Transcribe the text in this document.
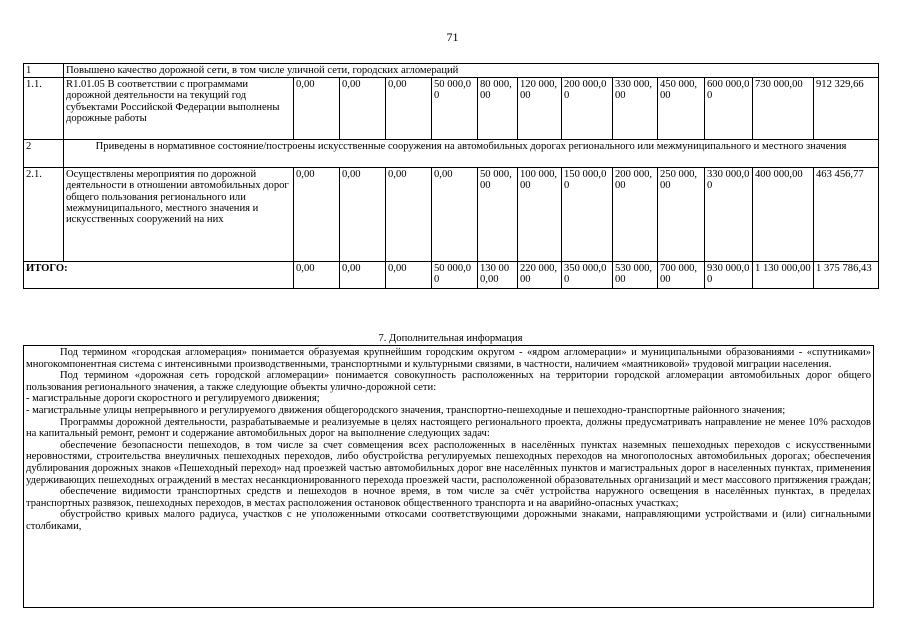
71
1	Повышено качество дорожной сети, в том числе уличной сети, городских агломераций												
1.1.	R1.01.05 В соответствии с программами дорожной деятельности на текущий год субъектами Российской Федерации выполнены дорожные работы	0,00	0,00	0,00	50 000,00	80 000,00	120 000,00	200 000,00	330 000,00	450 000,00	600 000,00	730 000,00	912 329,66
2	Приведены в нормативное состояние/построены искусственные сооружения на автомобильных дорогах регионального или межмуниципального и местного значения												
2.1.	Осуществлены мероприятия по дорожной деятельности в отношении автомобильных дорог общего пользования регионального или межмуниципального, местного значения и искусственных сооружений на них	0,00	0,00	0,00	0,00	50 000,00	100 000,00	150 000,00	200 000,00	250 000,00	330 000,00	400 000,00	463 456,77
ИТОГО:		0,00	0,00	0,00	50 000,00	130 000,00	220 000,00	350 000,00	530 000,00	700 000,00	930 000,00	1 130 000,00	1 375 786,43
7. Дополнительная информация

Под термином «городская агломерация» понимается образуемая крупнейшим городским округом - «ядром агломерации» и муниципальными образованиями - «спутниками» многокомпонентная система с интенсивными производственными, транспортными и культурными связями, в частности, наличием «маятниковой» трудовой миграции населения.

Под термином «дорожная сеть городской агломерации» понимается совокупность расположенных на территории городской агломерации автомобильных дорог общего пользования регионального значения, а также следующие объекты улично-дорожной сети:

- магистральные дороги скоростного и регулируемого движения;

- магистральные улицы непрерывного и регулируемого движения общегородского значения, транспортно-пешеходные и пешеходно-транспортные районного значения;

Программы дорожной деятельности, разрабатываемые и реализуемые в целях настоящего регионального проекта, должны предусматривать направление не менее 10% расходов на капитальный ремонт, ремонт и содержание автомобильных дорог на выполнение следующих задач:

обеспечение безопасности пешеходов, в том числе за счет совмещения всех расположенных в населённых пунктах наземных пешеходных переходов с искусственными неровностями, строительства внеуличных пешеходных переходов, либо обустройства регулируемых пешеходных переходов на многополосных автомобильных дорогах; обеспечения дублирования дорожных знаков «Пешеходный переход» над проезжей частью автомобильных дорог вне населённых пунктов и магистральных дорог в населенных пунктах, применения удерживающих пешеходных ограждений в местах несанкционированного перехода проезжей части, расположенной образовательных организаций и мест массового притяжения граждан;

обеспечение видимости транспортных средств и пешеходов в ночное время, в том числе за счёт устройства наружного освещения в населённых пунктах, в пределах транспортных развязок, пешеходных переходов, в местах расположения остановок общественного транспорта и на аварийно-опасных участках;

обустройство кривых малого радиуса, участков с не уположенными откосами соответствующими дорожными знаками, направляющими устройствами и (или) сигнальными столбиками,
